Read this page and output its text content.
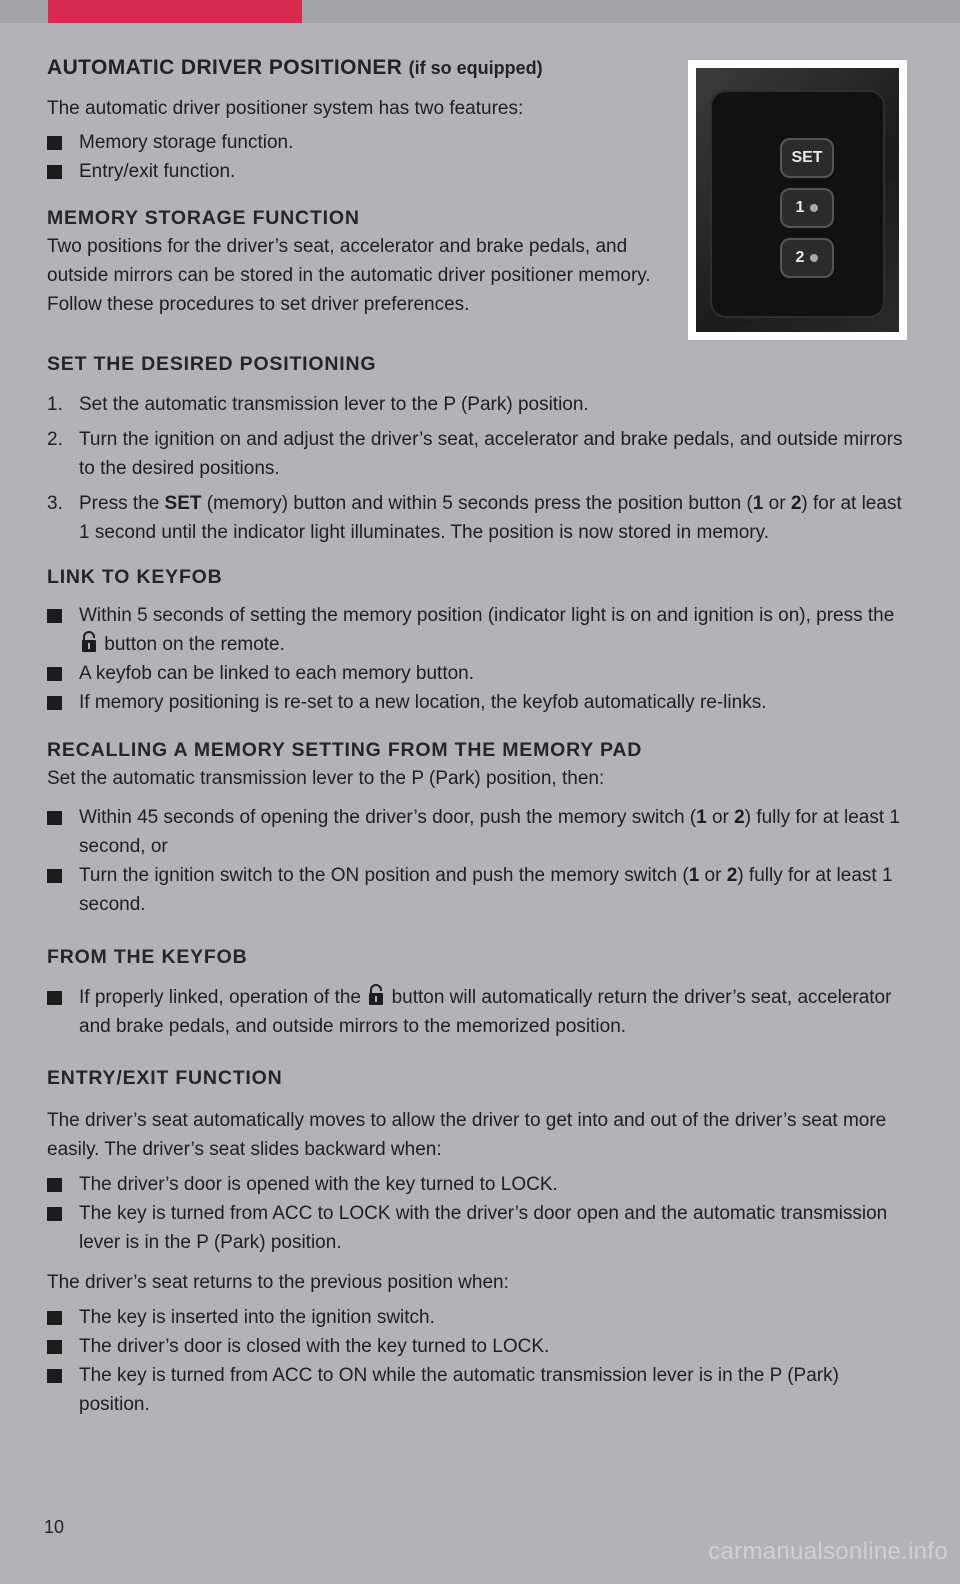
SET
1
2
AUTOMATIC DRIVER POSITIONER (if so equipped)

The automatic driver positioner system has two features:

Memory storage function.
Entry/exit function.
MEMORY STORAGE FUNCTION

Two positions for the driver’s seat, accelerator and brake pedals, and outside mirrors can be stored in the automatic driver positioner memory. Follow these procedures to set driver preferences.

SET THE DESIRED POSITIONING
1. Set the automatic transmission lever to the P (Park) position.
2. Turn the ignition on and adjust the driver’s seat, accelerator and brake pedals, and outside mirrors to the desired positions.
3. Press the SET (memory) button and within 5 seconds press the position button (1 or 2) for at least 1 second until the indicator light illuminates. The position is now stored in memory.
LINK TO KEYFOB
Within 5 seconds of setting the memory position (indicator light is on and ignition is on), press the  button on the remote.
A keyfob can be linked to each memory button.
If memory positioning is re-set to a new location, the keyfob automatically re-links.
RECALLING A MEMORY SETTING FROM THE MEMORY PAD

Set the automatic transmission lever to the P (Park) position, then:

Within 45 seconds of opening the driver’s door, push the memory switch (1 or 2) fully for at least 1 second, or
Turn the ignition switch to the ON position and push the memory switch (1 or 2) fully for at least 1 second.
FROM THE KEYFOB
If properly linked, operation of the button will automatically return the driver’s seat, accelerator and brake pedals, and outside mirrors to the memorized position.
ENTRY/EXIT FUNCTION

The driver’s seat automatically moves to allow the driver to get into and out of the driver’s seat more easily. The driver’s seat slides backward when:

The driver’s door is opened with the key turned to LOCK.
The key is turned from ACC to LOCK with the driver’s door open and the automatic transmission lever is in the P (Park) position.

The driver’s seat returns to the previous position when:

The key is inserted into the ignition switch.
The driver’s door is closed with the key turned to LOCK.
The key is turned from ACC to ON while the automatic transmission lever is in the P (Park) position.
10
carmanualsonline.info
